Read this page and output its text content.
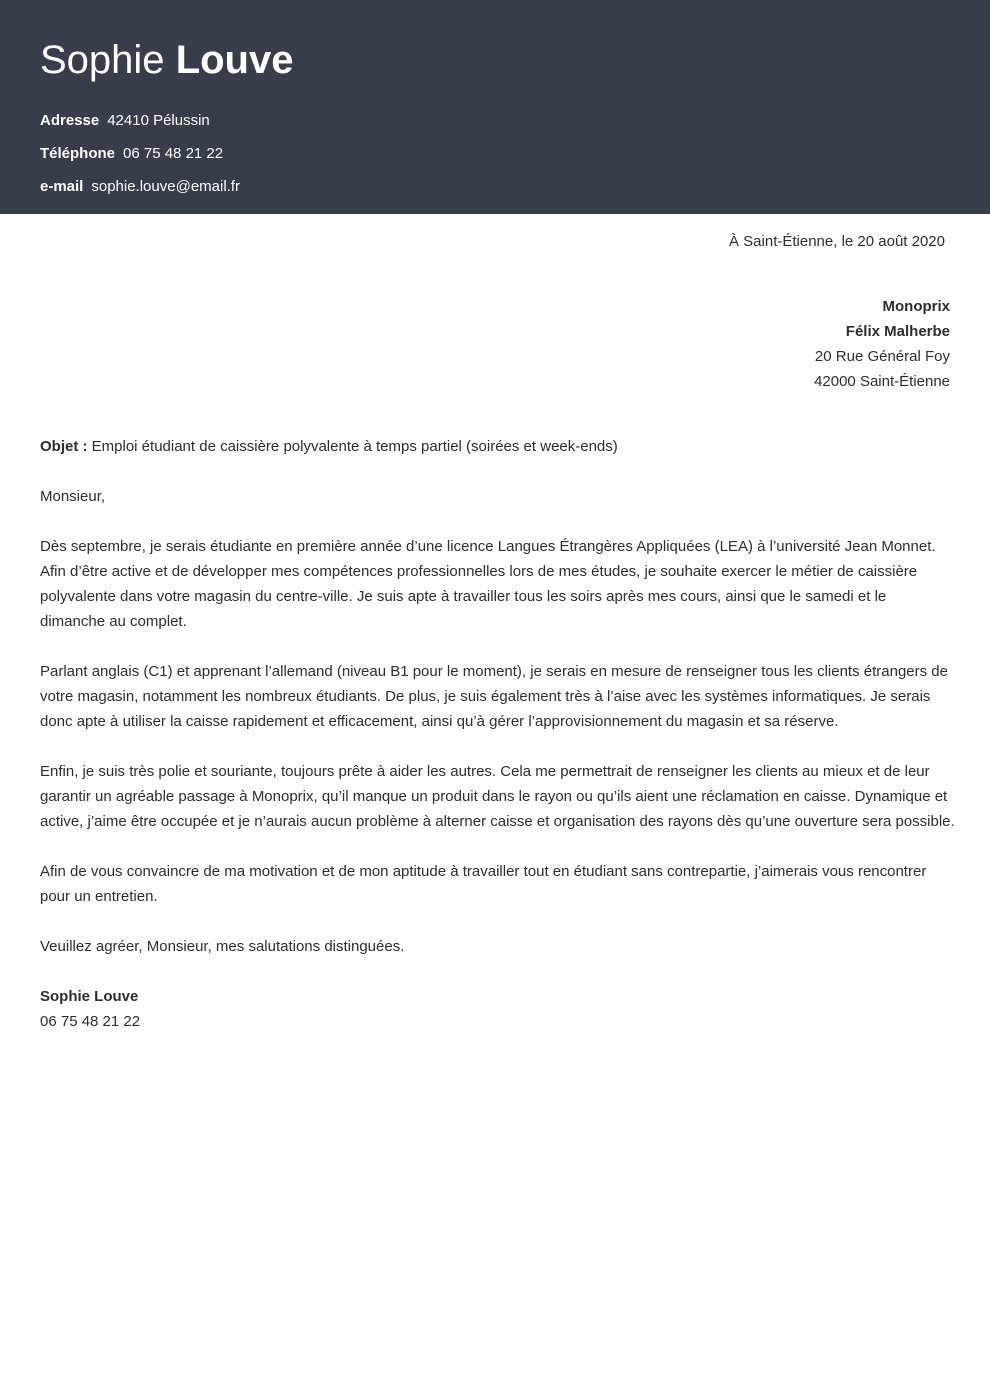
Sophie Louve
Adresse 42410 Pélussin
Téléphone 06 75 48 21 22
e-mail sophie.louve@email.fr
À Saint-Étienne, le 20 août 2020
Monoprix
Félix Malherbe
20 Rue Général Foy
42000 Saint-Étienne

Objet : Emploi étudiant de caissière polyvalente à temps partiel (soirées et week-ends)

Monsieur,

Dès septembre, je serais étudiante en première année d’une licence Langues Étrangères Appliquées (LEA) à l’université Jean Monnet. Afin d’être active et de développer mes compétences professionnelles lors de mes études, je souhaite exercer le métier de caissière polyvalente dans votre magasin du centre-ville. Je suis apte à travailler tous les soirs après mes cours, ainsi que le samedi et le dimanche au complet.

Parlant anglais (C1) et apprenant l’allemand (niveau B1 pour le moment), je serais en mesure de renseigner tous les clients étrangers de votre magasin, notamment les nombreux étudiants. De plus, je suis également très à l’aise avec les systèmes informatiques. Je serais donc apte à utiliser la caisse rapidement et efficacement, ainsi qu’à gérer l’approvisionnement du magasin et sa réserve.

Enfin, je suis très polie et souriante, toujours prête à aider les autres. Cela me permettrait de renseigner les clients au mieux et de leur garantir un agréable passage à Monoprix, qu’il manque un produit dans le rayon ou qu’ils aient une réclamation en caisse. Dynamique et active, j’aime être occupée et je n’aurais aucun problème à alterner caisse et organisation des rayons dès qu’une ouverture sera possible.

Afin de vous convaincre de ma motivation et de mon aptitude à travailler tout en étudiant sans contrepartie, j’aimerais vous rencontrer pour un entretien.

Veuillez agréer, Monsieur, mes salutations distinguées.

Sophie Louve
06 75 48 21 22
